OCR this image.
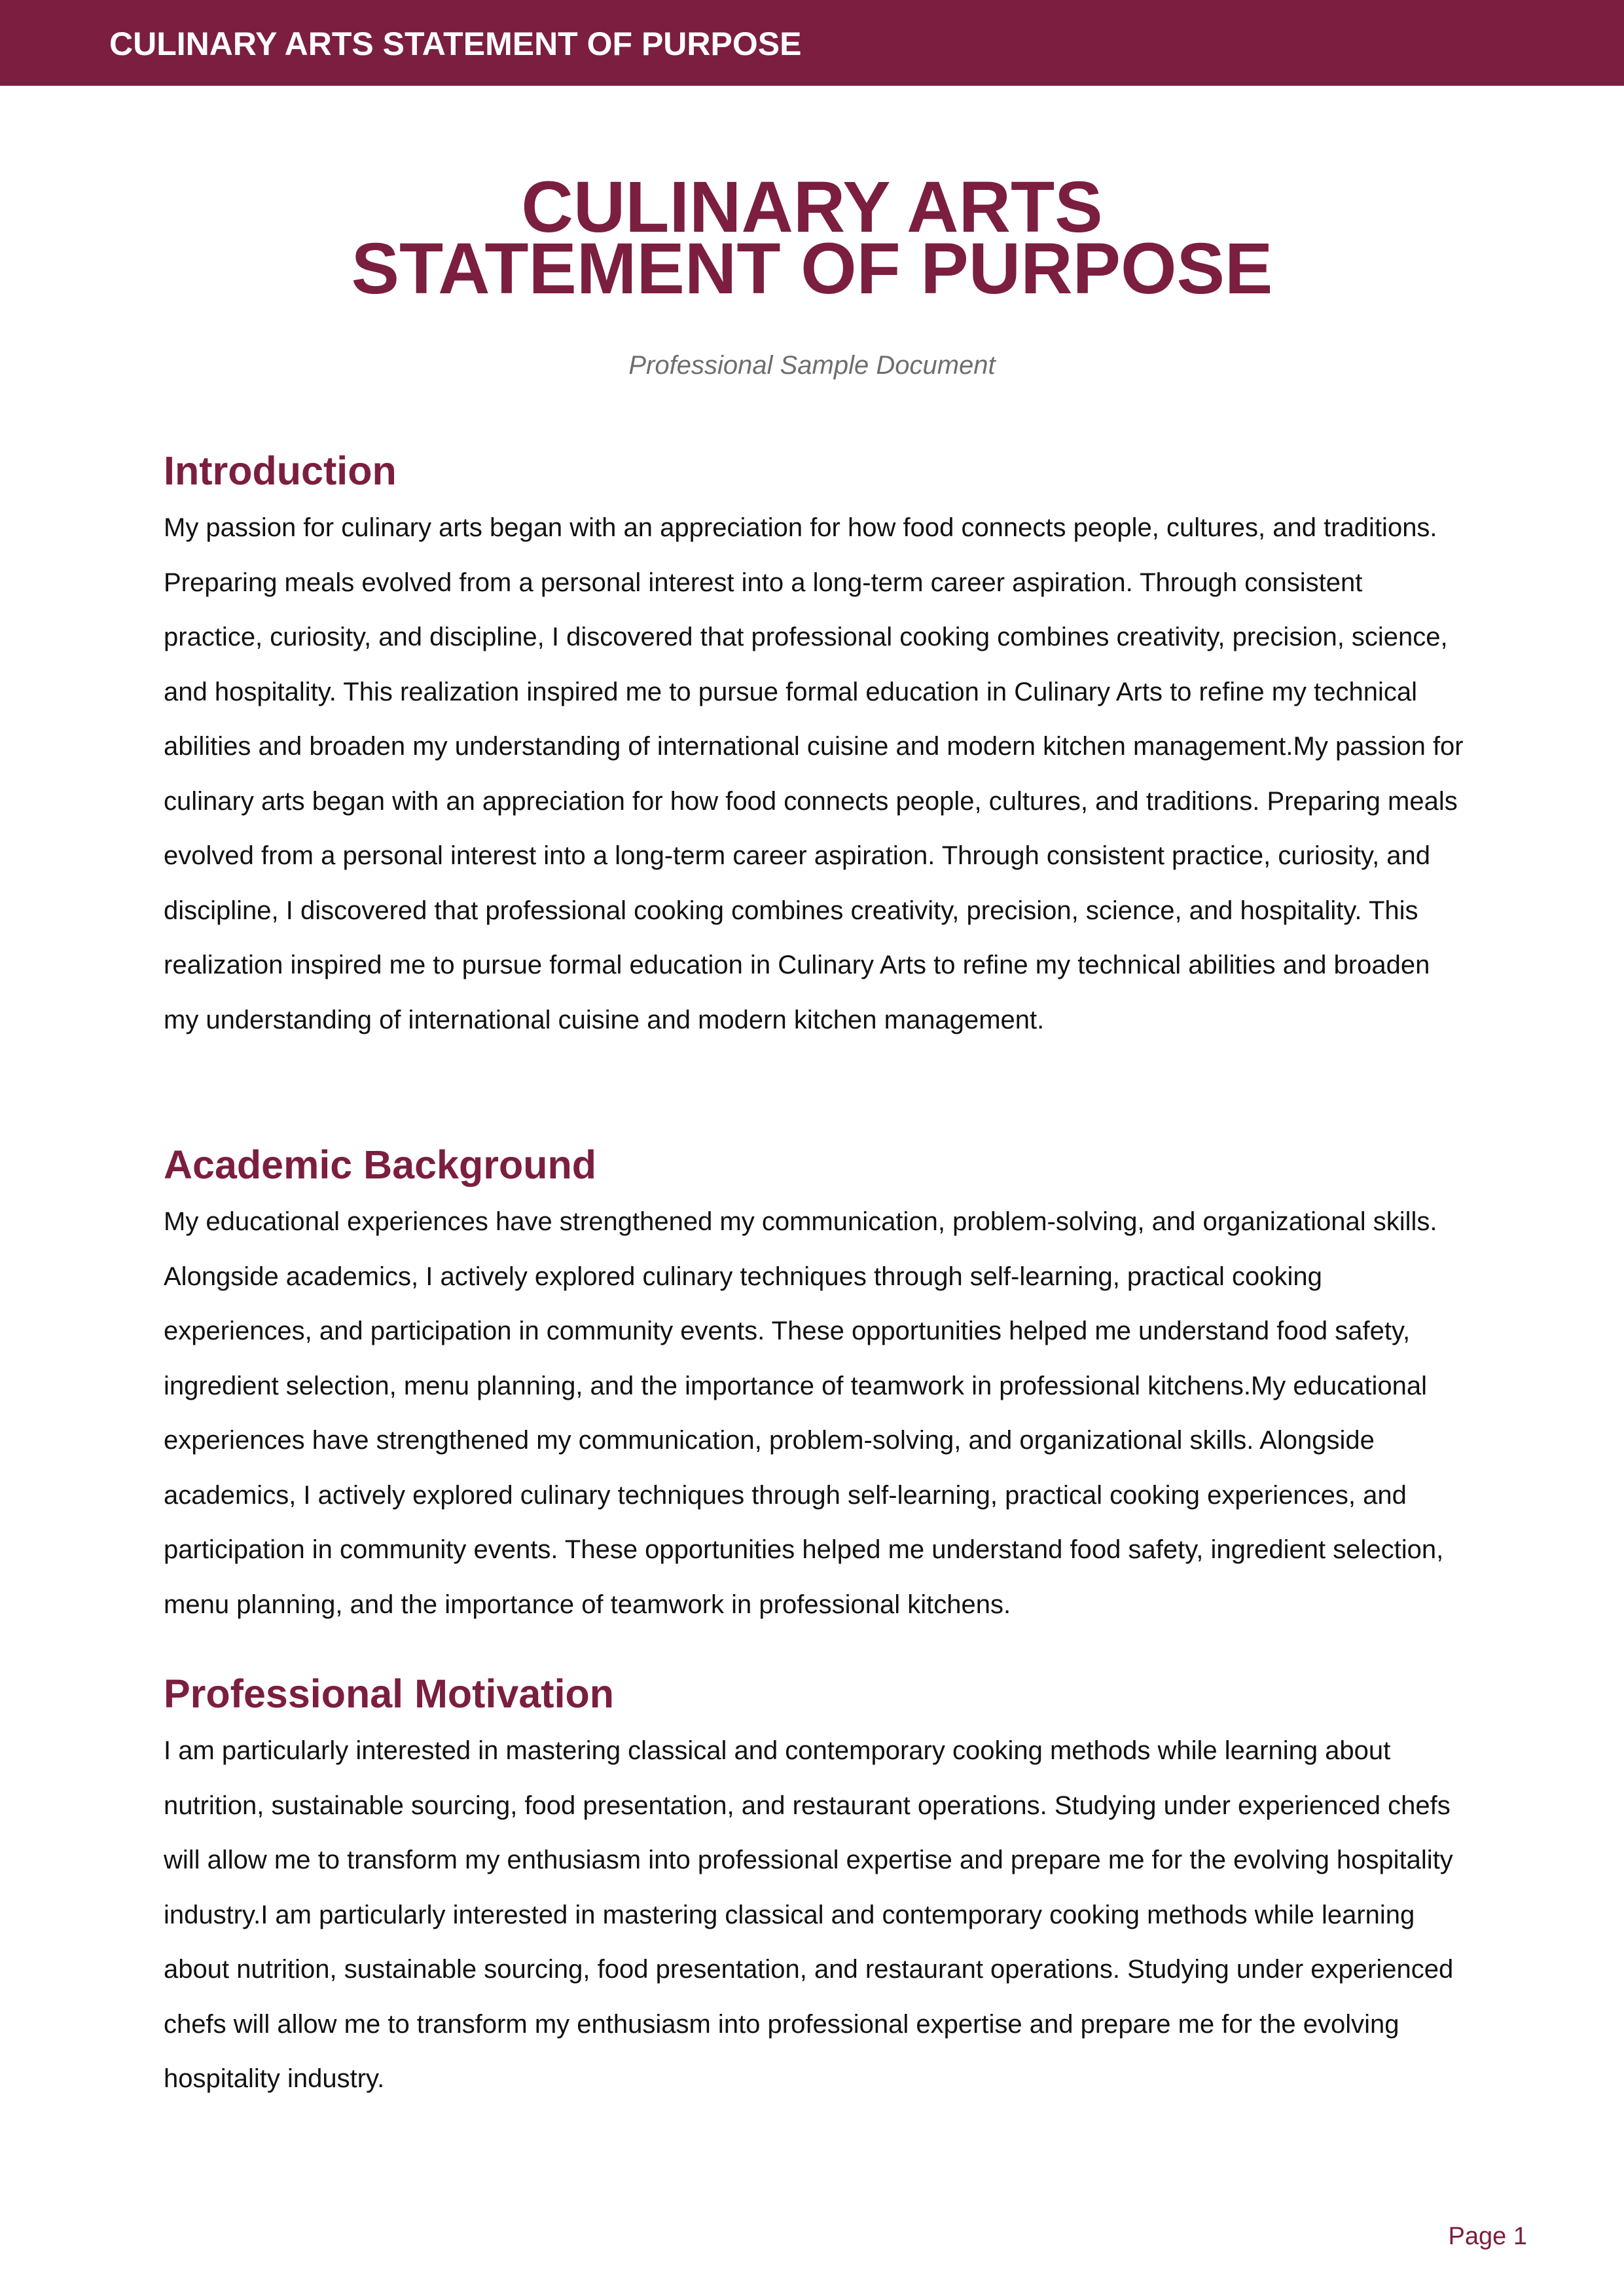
CULINARY ARTS STATEMENT OF PURPOSE
CULINARY ARTS
STATEMENT OF PURPOSE
Professional Sample Document
Introduction

My passion for culinary arts began with an appreciation for how food connects people, cultures, and traditions. Preparing meals evolved from a personal interest into a long-term career aspiration. Through consistent practice, curiosity, and discipline, I discovered that professional cooking combines creativity, precision, science, and hospitality. This realization inspired me to pursue formal education in Culinary Arts to refine my technical abilities and broaden my understanding of international cuisine and modern kitchen management.My passion for culinary arts began with an appreciation for how food connects people, cultures, and traditions. Preparing meals evolved from a personal interest into a long-term career aspiration. Through consistent practice, curiosity, and discipline, I discovered that professional cooking combines creativity, precision, science, and hospitality. This realization inspired me to pursue formal education in Culinary Arts to refine my technical abilities and broaden my understanding of international cuisine and modern kitchen management.

Academic Background

My educational experiences have strengthened my communication, problem-solving, and organizational skills. Alongside academics, I actively explored culinary techniques through self-learning, practical cooking experiences, and participation in community events. These opportunities helped me understand food safety, ingredient selection, menu planning, and the importance of teamwork in professional kitchens.My educational experiences have strengthened my communication, problem-solving, and organizational skills. Alongside academics, I actively explored culinary techniques through self-learning, practical cooking experiences, and participation in community events. These opportunities helped me understand food safety, ingredient selection, menu planning, and the importance of teamwork in professional kitchens.

Professional Motivation

I am particularly interested in mastering classical and contemporary cooking methods while learning about nutrition, sustainable sourcing, food presentation, and restaurant operations. Studying under experienced chefs will allow me to transform my enthusiasm into professional expertise and prepare me for the evolving hospitality industry.I am particularly interested in mastering classical and contemporary cooking methods while learning about nutrition, sustainable sourcing, food presentation, and restaurant operations. Studying under experienced chefs will allow me to transform my enthusiasm into professional expertise and prepare me for the evolving hospitality industry.

Page 1
